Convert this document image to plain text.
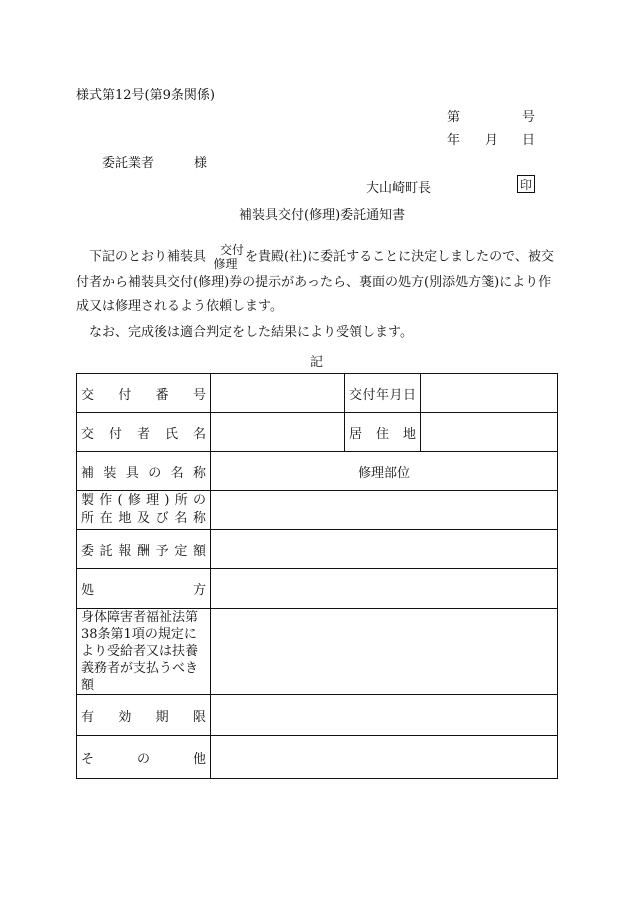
様式第12号(第9条関係)
第	号
年 月 日
委託業者	様
大山崎町長	印
補装具交付(修理)委託通知書
下記のとおり補装具 交付
修理 を貴殿(社)に委託することに決定しましたので、被交付者から補装具交付(修理)券の提示があったら、裏面の処方(別添処方箋)により作成又は修理されるよう依頼します。
なお、完成後は適合判定をした結果により受領します。
記
交付番号		交付年月日	
交付者氏名		居住地	
補装具の名称	修理部位		

製作(修理)所の
所在地及び名称			

委託報酬予定額			
処 方			

身体障害者福祉法第38条第1項の規定により受給者又は扶養義務者が支払うべき額			
有効期限			
その他			
